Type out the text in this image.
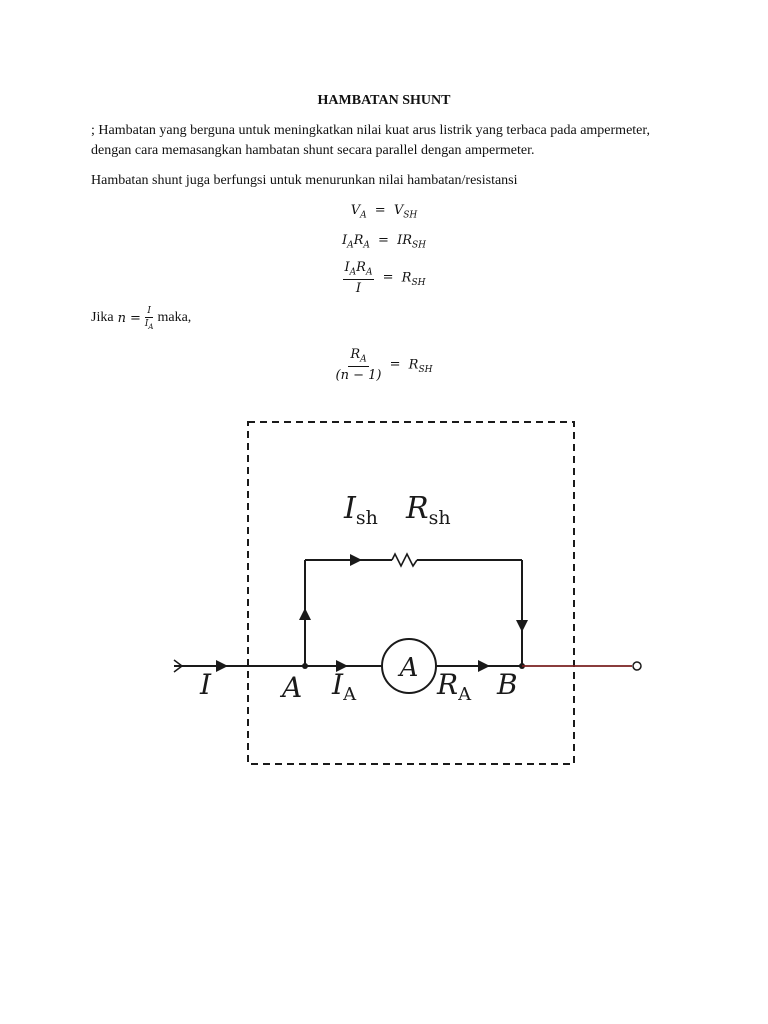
HAMBATAN SHUNT
; Hambatan yang berguna untuk meningkatkan nilai kuat arus listrik yang terbaca pada ampermeter, dengan cara memasangkan hambatan shunt secara parallel dengan ampermeter.
Hambatan shunt juga berfungsi untuk menurunkan nilai hambatan/resistansi
$V_A = V_{SH}$
$I_AR_A = IR_{SH}$
$\frac{I_AR_A}{I} = R_{SH}$
Jika $n = \frac{I}{I_A}$ maka,
$\frac{R_A}{(n - 1)} = R_{SH}$
A
I	A $I_A$	$R_A$ B
$I_{sh}$ $R_{sh}$
